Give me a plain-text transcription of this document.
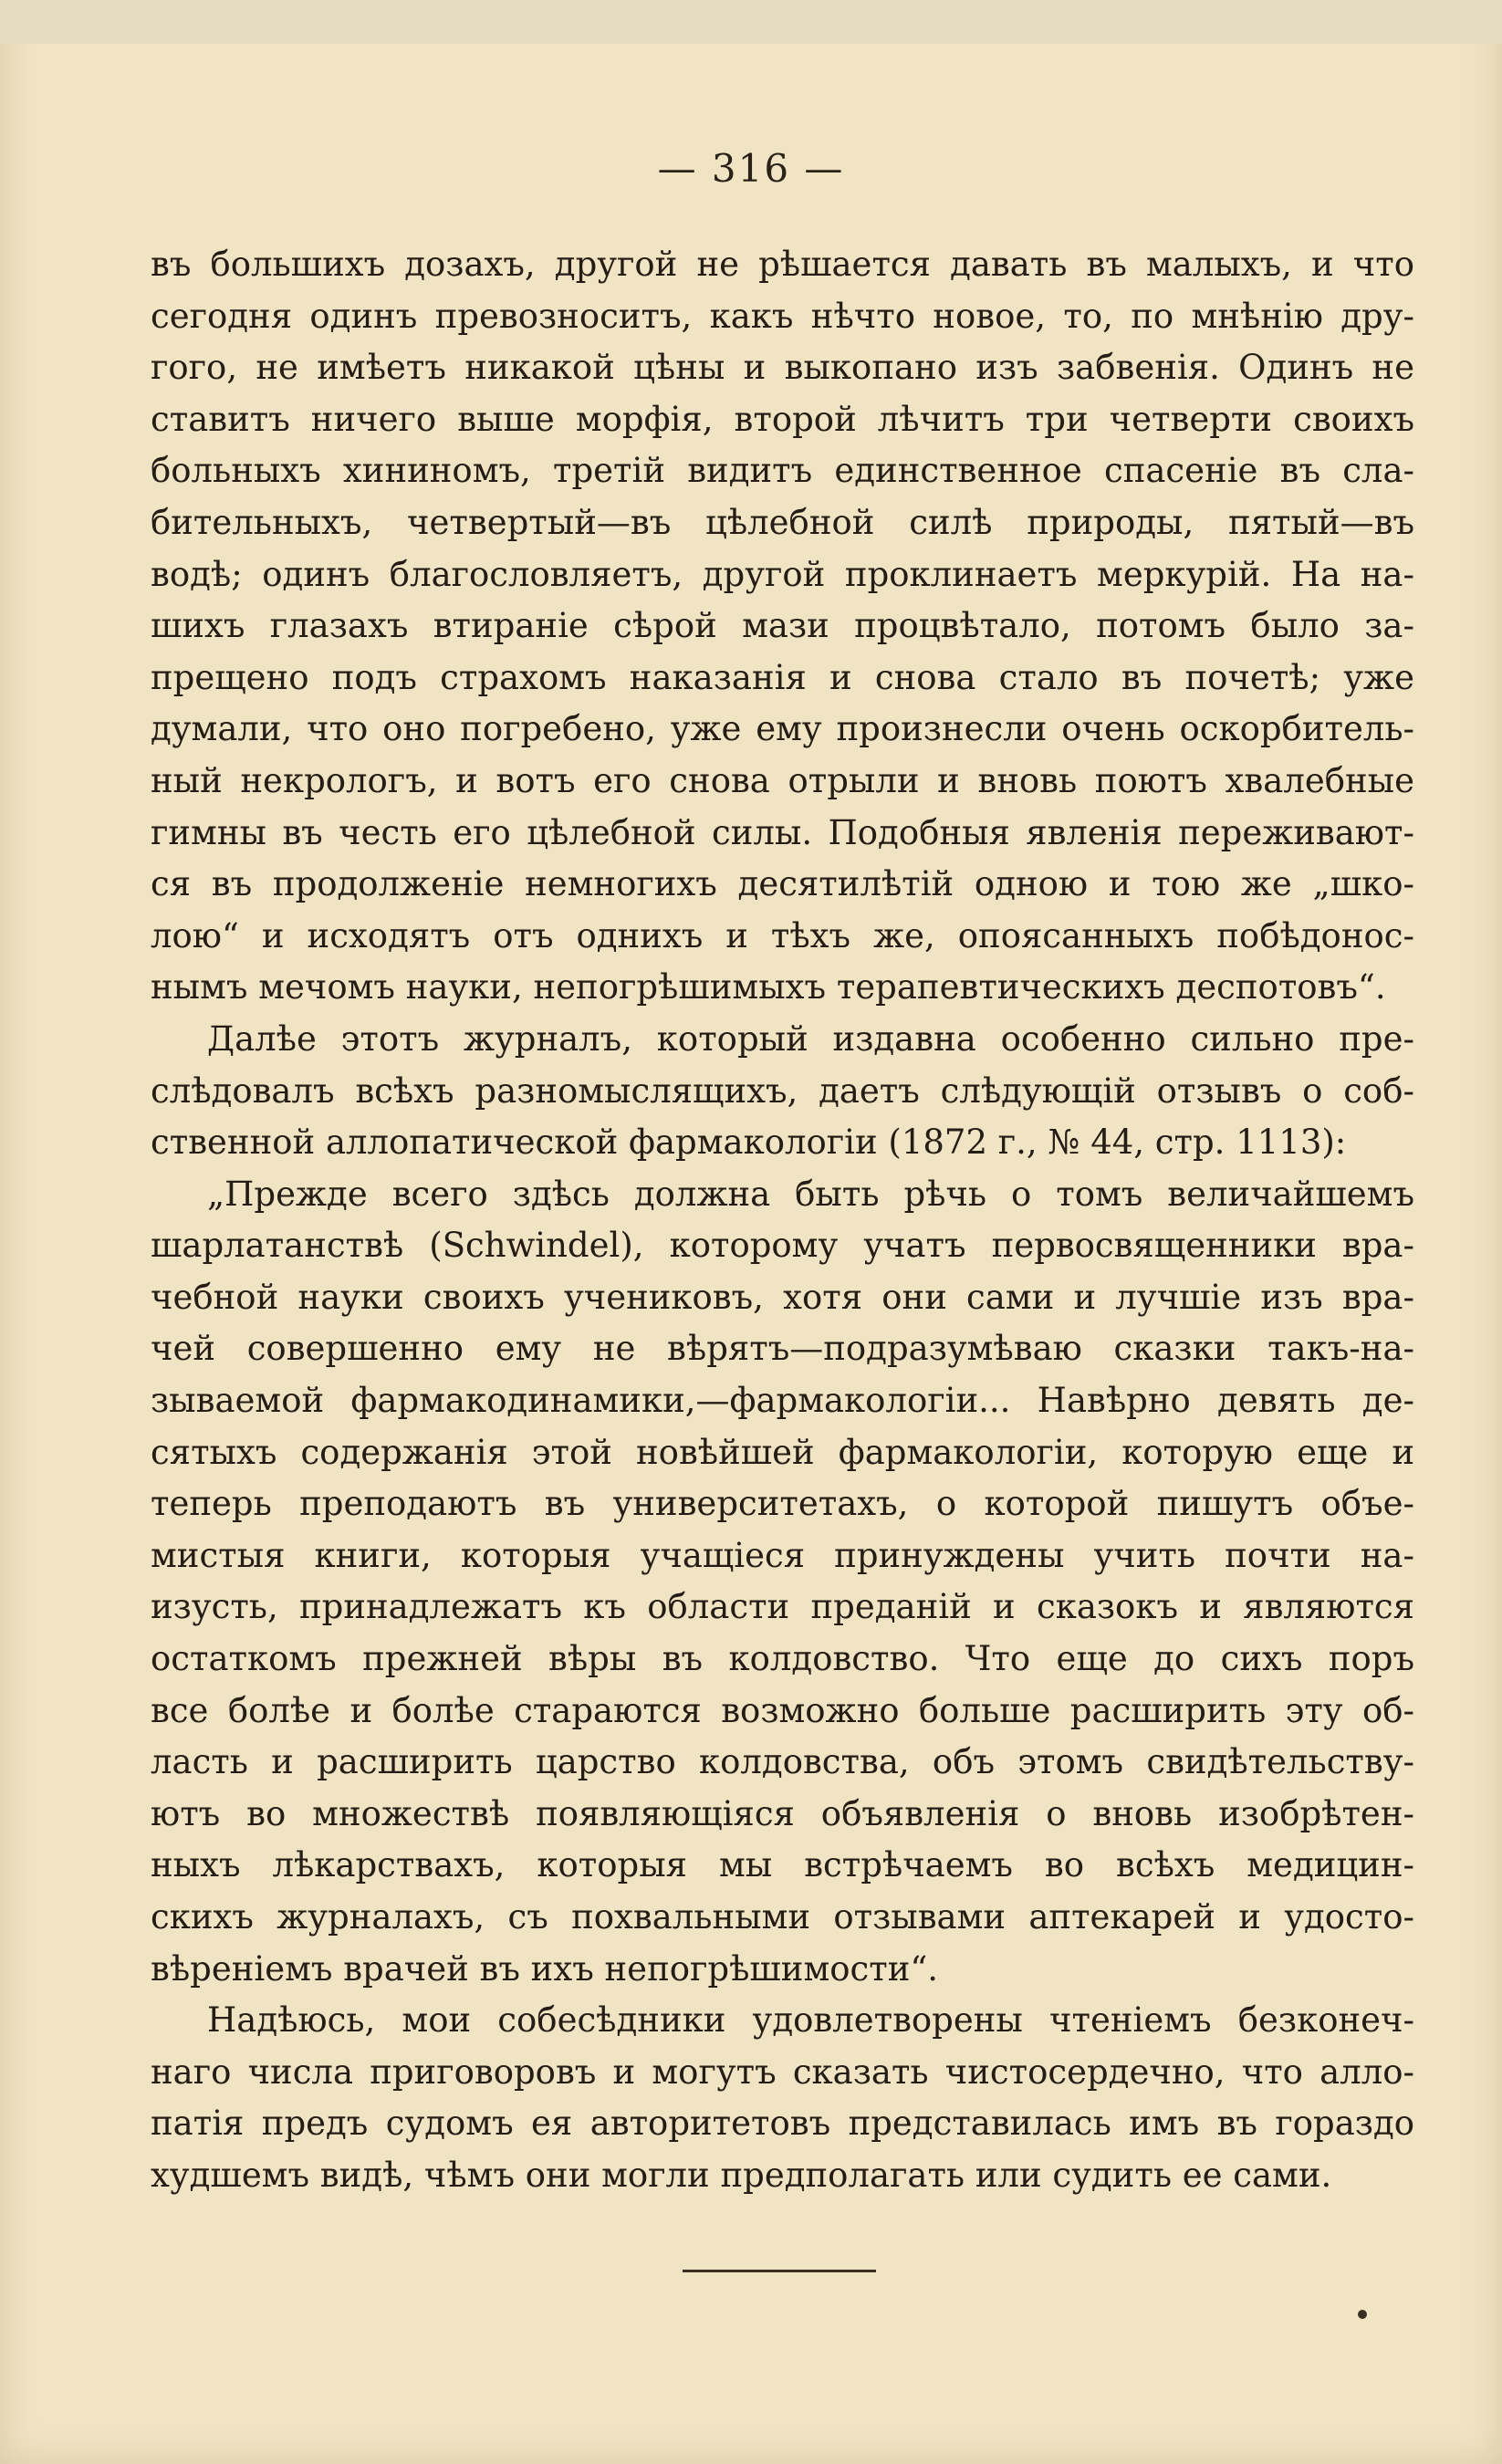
— 316 —
въ большихъ дозахъ, другой не рѣшается давать въ малыхъ, и что
сегодня одинъ превозноситъ, какъ нѣчто новое, то, по мнѣнію дру-
гого, не имѣетъ никакой цѣны и выкопано изъ забвенія. Одинъ не
ставитъ ничего выше морфія, второй лѣчитъ три четверти своихъ
больныхъ хининомъ, третій видитъ единственное спасеніе въ сла-
бительныхъ, четвертый—въ цѣлебной силѣ природы, пятый—въ
водѣ; одинъ благословляетъ, другой проклинаетъ меркурій. На на-
шихъ глазахъ втираніе сѣрой мази процвѣтало, потомъ было за-
прещено подъ страхомъ наказанія и снова стало въ почетѣ; уже
думали, что оно погребено, уже ему произнесли очень оскорбитель-
ный некрологъ, и вотъ его снова отрыли и вновь поютъ хвалебные
гимны въ честь его цѣлебной силы. Подобныя явленія переживают-
ся въ продолженіе немногихъ десятилѣтій одною и тою же „шко-
лою“ и исходятъ отъ однихъ и тѣхъ же, опоясанныхъ побѣдонос-
нымъ мечомъ науки, непогрѣшимыхъ терапевтическихъ деспотовъ“.
Далѣе этотъ журналъ, который издавна особенно сильно пре-
слѣдовалъ всѣхъ разномыслящихъ, даетъ слѣдующій отзывъ о соб-
ственной аллопатической фармакологіи (1872 г., № 44, стр. 1113):
„Прежде всего здѣсь должна быть рѣчь о томъ величайшемъ
шарлатанствѣ (Schwindel), которому учатъ первосвященники вра-
чебной науки своихъ учениковъ, хотя они сами и лучшіе изъ вра-
чей совершенно ему не вѣрятъ—подразумѣваю сказки такъ-на-
зываемой фармакодинамики,—фармакологіи... Навѣрно девять де-
сятыхъ содержанія этой новѣйшей фармакологіи, которую еще и
теперь преподаютъ въ университетахъ, о которой пишутъ объе-
мистыя книги, которыя учащіеся принуждены учить почти на-
изусть, принадлежатъ къ области преданій и сказокъ и являются
остаткомъ прежней вѣры въ колдовство. Что еще до сихъ поръ
все болѣе и болѣе стараются возможно больше расширить эту об-
ласть и расширить царство колдовства, объ этомъ свидѣтельству-
ютъ во множествѣ появляющіяся объявленія о вновь изобрѣтен-
ныхъ лѣкарствахъ, которыя мы встрѣчаемъ во всѣхъ медицин-
скихъ журналахъ, съ похвальными отзывами аптекарей и удосто-
вѣреніемъ врачей въ ихъ непогрѣшимости“.
Надѣюсь, мои собесѣдники удовлетворены чтеніемъ безконеч-
наго числа приговоровъ и могутъ сказать чистосердечно, что алло-
патія предъ судомъ ея авторитетовъ представилась имъ въ гораздо
худшемъ видѣ, чѣмъ они могли предполагать или судить ее сами.
